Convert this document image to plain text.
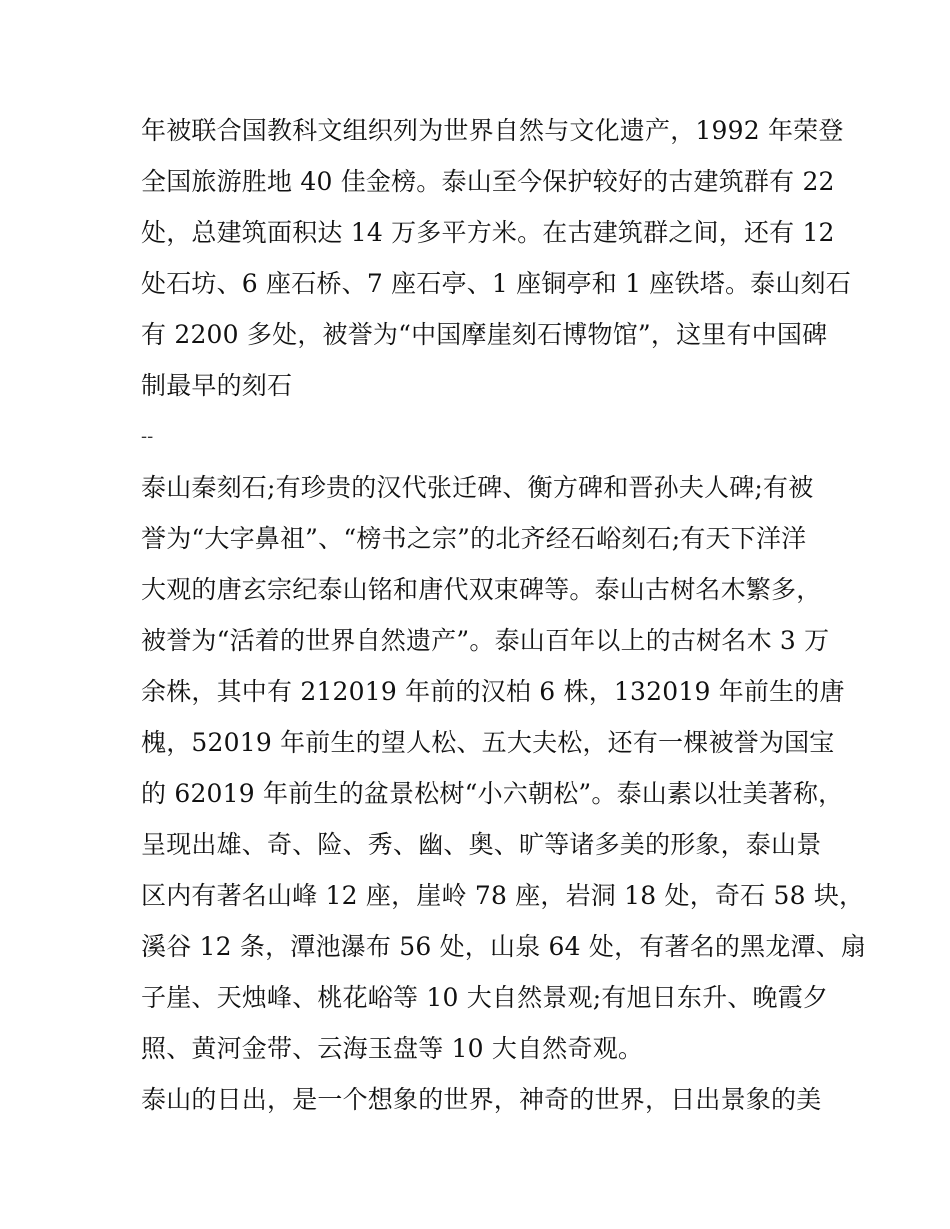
年被联合国教科文组织列为世界自然与文化遗产，1992 年荣登
全国旅游胜地 40 佳金榜。泰山至今保护较好的古建筑群有 22
处，总建筑面积达 14 万多平方米。在古建筑群之间，还有 12
处石坊、6 座石桥、7 座石亭、1 座铜亭和 1 座铁塔。泰山刻石
有 2200 多处，被誉为“中国摩崖刻石博物馆”，这里有中国碑
制最早的刻石
--
泰山秦刻石;有珍贵的汉代张迁碑、衡方碑和晋孙夫人碑;有被
誉为“大字鼻祖”、“榜书之宗”的北齐经石峪刻石;有天下洋洋
大观的唐玄宗纪泰山铭和唐代双束碑等。泰山古树名木繁多，
被誉为“活着的世界自然遗产”。泰山百年以上的古树名木 3 万
余株，其中有 212019 年前的汉柏 6 株，132019 年前生的唐
槐，52019 年前生的望人松、五大夫松，还有一棵被誉为国宝
的 62019 年前生的盆景松树“小六朝松”。泰山素以壮美著称，
呈现出雄、奇、险、秀、幽、奥、旷等诸多美的形象，泰山景
区内有著名山峰 12 座，崖岭 78 座，岩洞 18 处，奇石 58 块，
溪谷 12 条，潭池瀑布 56 处，山泉 64 处，有著名的黑龙潭、扇
子崖、天烛峰、桃花峪等 10 大自然景观;有旭日东升、晚霞夕
照、黄河金带、云海玉盘等 10 大自然奇观。
泰山的日出，是一个想象的世界，神奇的世界，日出景象的美
